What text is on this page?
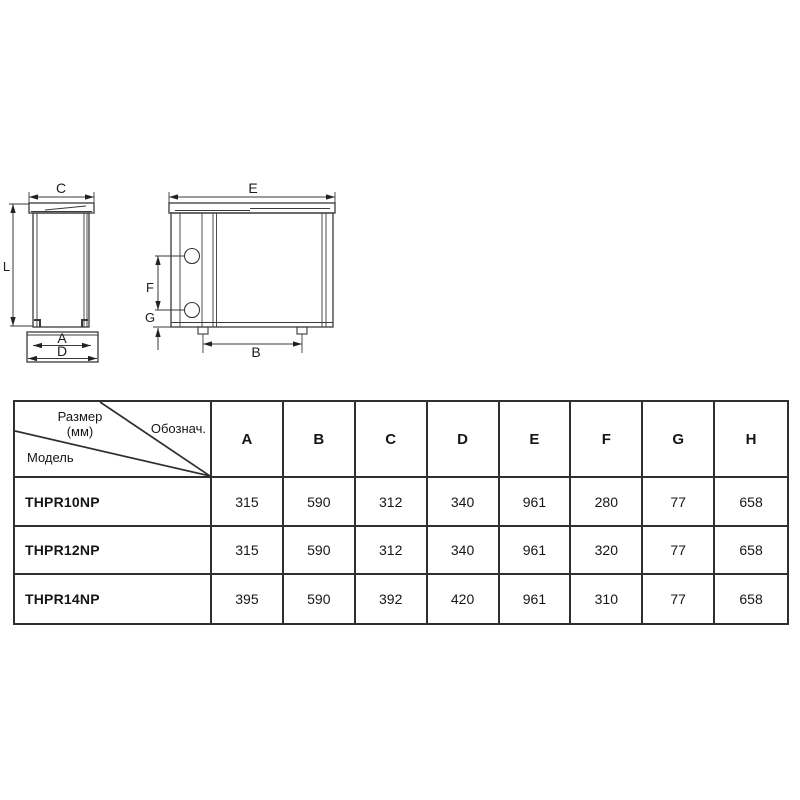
C
L
A
D
E
F
G
B
Размер
(мм)	Обознач.
Модель
A	B	C	D	E	F	G	H
THPR10NP	315	590	312	340	961	280	77	658
THPR12NP	315	590	312	340	961	320	77	658
THPR14NP	395	590	392	420	961	310	77	658
